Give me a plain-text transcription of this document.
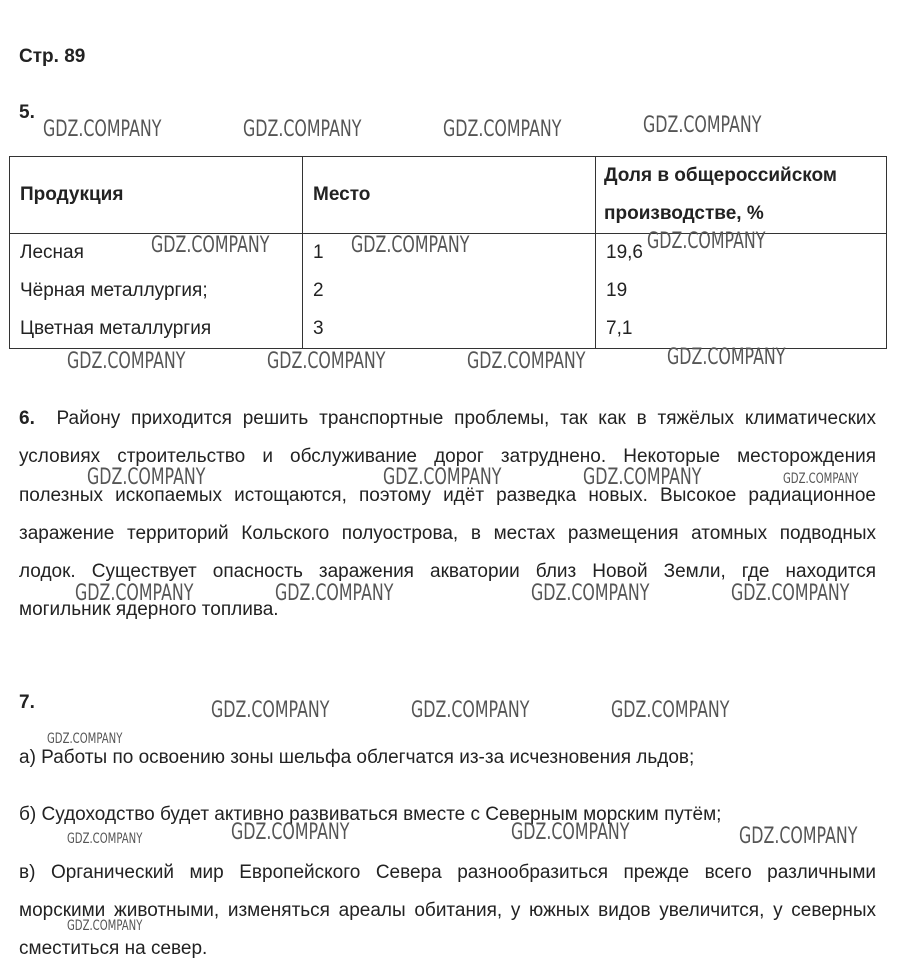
Стр. 89
5.
Продукция	Место	Доля в общероссийском производстве, %
Лесная	1	19,6
Чёрная металлургия;	2	19
Цветная металлургия	3	7,1
6. Району приходится решить транспортные проблемы, так как в тяжёлых климатических условиях строительство и обслуживание дорог затруднено. Некоторые месторождения полезных ископаемых истощаются, поэтому идёт разведка новых. Высокое радиационное заражение территорий Кольского полуострова, в местах размещения атомных подводных лодок. Существует опасность заражения акватории близ Новой Земли, где находится могильник ядерного топлива.
7.
а) Работы по освоению зоны шельфа облегчатся из-за исчезновения льдов;
б) Судоходство будет активно развиваться вместе с Северным морским путём;
в) Органический мир Европейского Севера разнообразиться прежде всего различными морскими животными, изменяться ареалы обитания, у южных видов увеличится, у северных сместиться на север.
GDZ.COMPANY	GDZ.COMPANY	GDZ.COMPANY	GDZ.COMPANY
GDZ.COMPANY	GDZ.COMPANY	GDZ.COMPANY
GDZ.COMPANY	GDZ.COMPANY	GDZ.COMPANY	GDZ.COMPANY
GDZ.COMPANY	GDZ.COMPANY	GDZ.COMPANY	GDZ.COMPANY
GDZ.COMPANY	GDZ.COMPANY	GDZ.COMPANY	GDZ.COMPANY
GDZ.COMPANY	GDZ.COMPANY	GDZ.COMPANY
GDZ.COMPANY
GDZ.COMPANY	GDZ.COMPANY	GDZ.COMPANY
GDZ.COMPANY
GDZ.COMPANY
